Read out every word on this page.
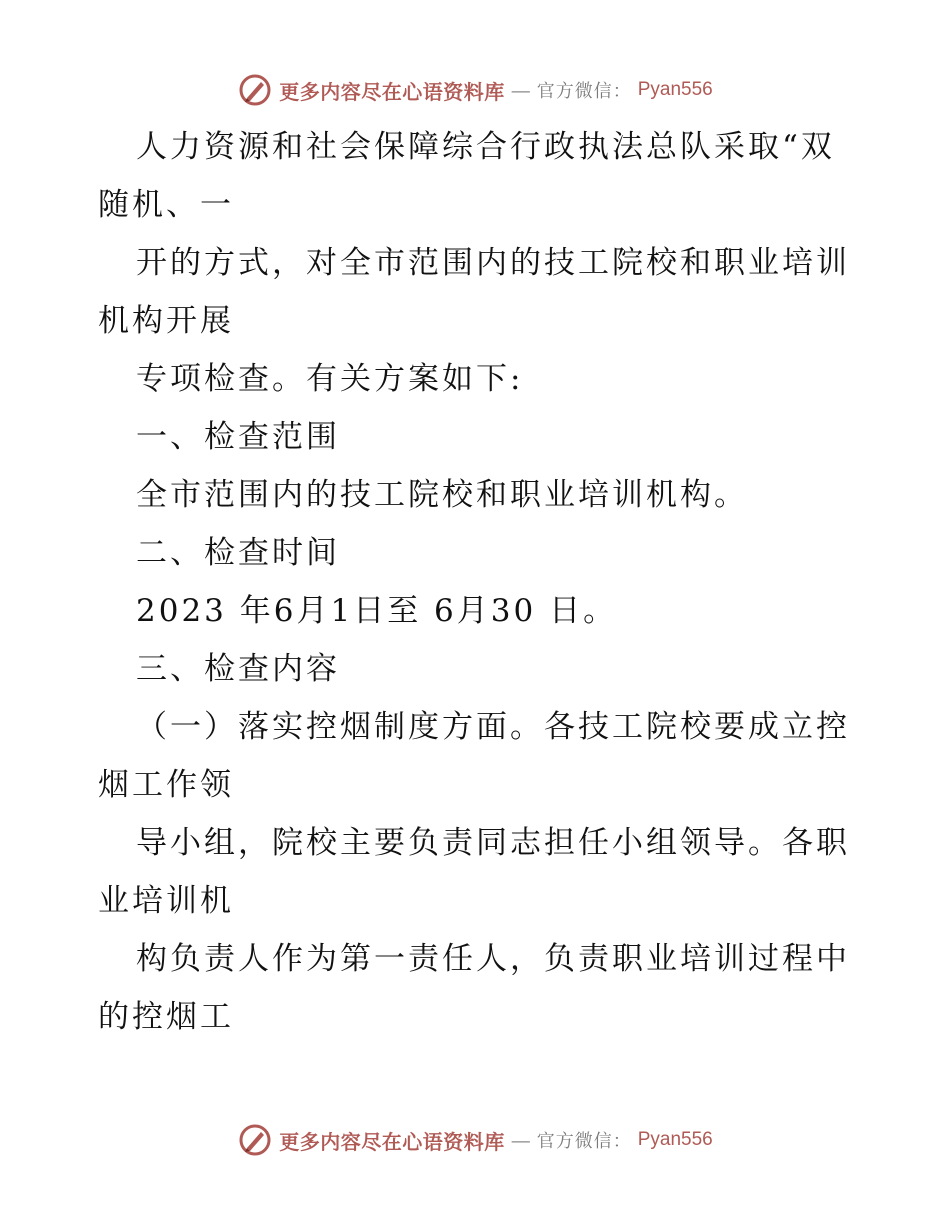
更多内容尽在心语资料库 — 官方微信： Pyan556
人力资源和社会保障综合行政执法总队采取“双
随机、一
开的方式，对全市范围内的技工院校和职业培训
机构开展
专项检查。有关方案如下:
一、检查范围
全市范围内的技工院校和职业培训机构。
二、检查时间
2023 年6月1日至 6月30 日。
三、检查内容
（一）落实控烟制度方面。各技工院校要成立控
烟工作领
导小组，院校主要负责同志担任小组领导。各职
业培训机
构负责人作为第一责任人，负责职业培训过程中
的控烟工
更多内容尽在心语资料库 — 官方微信： Pyan556
